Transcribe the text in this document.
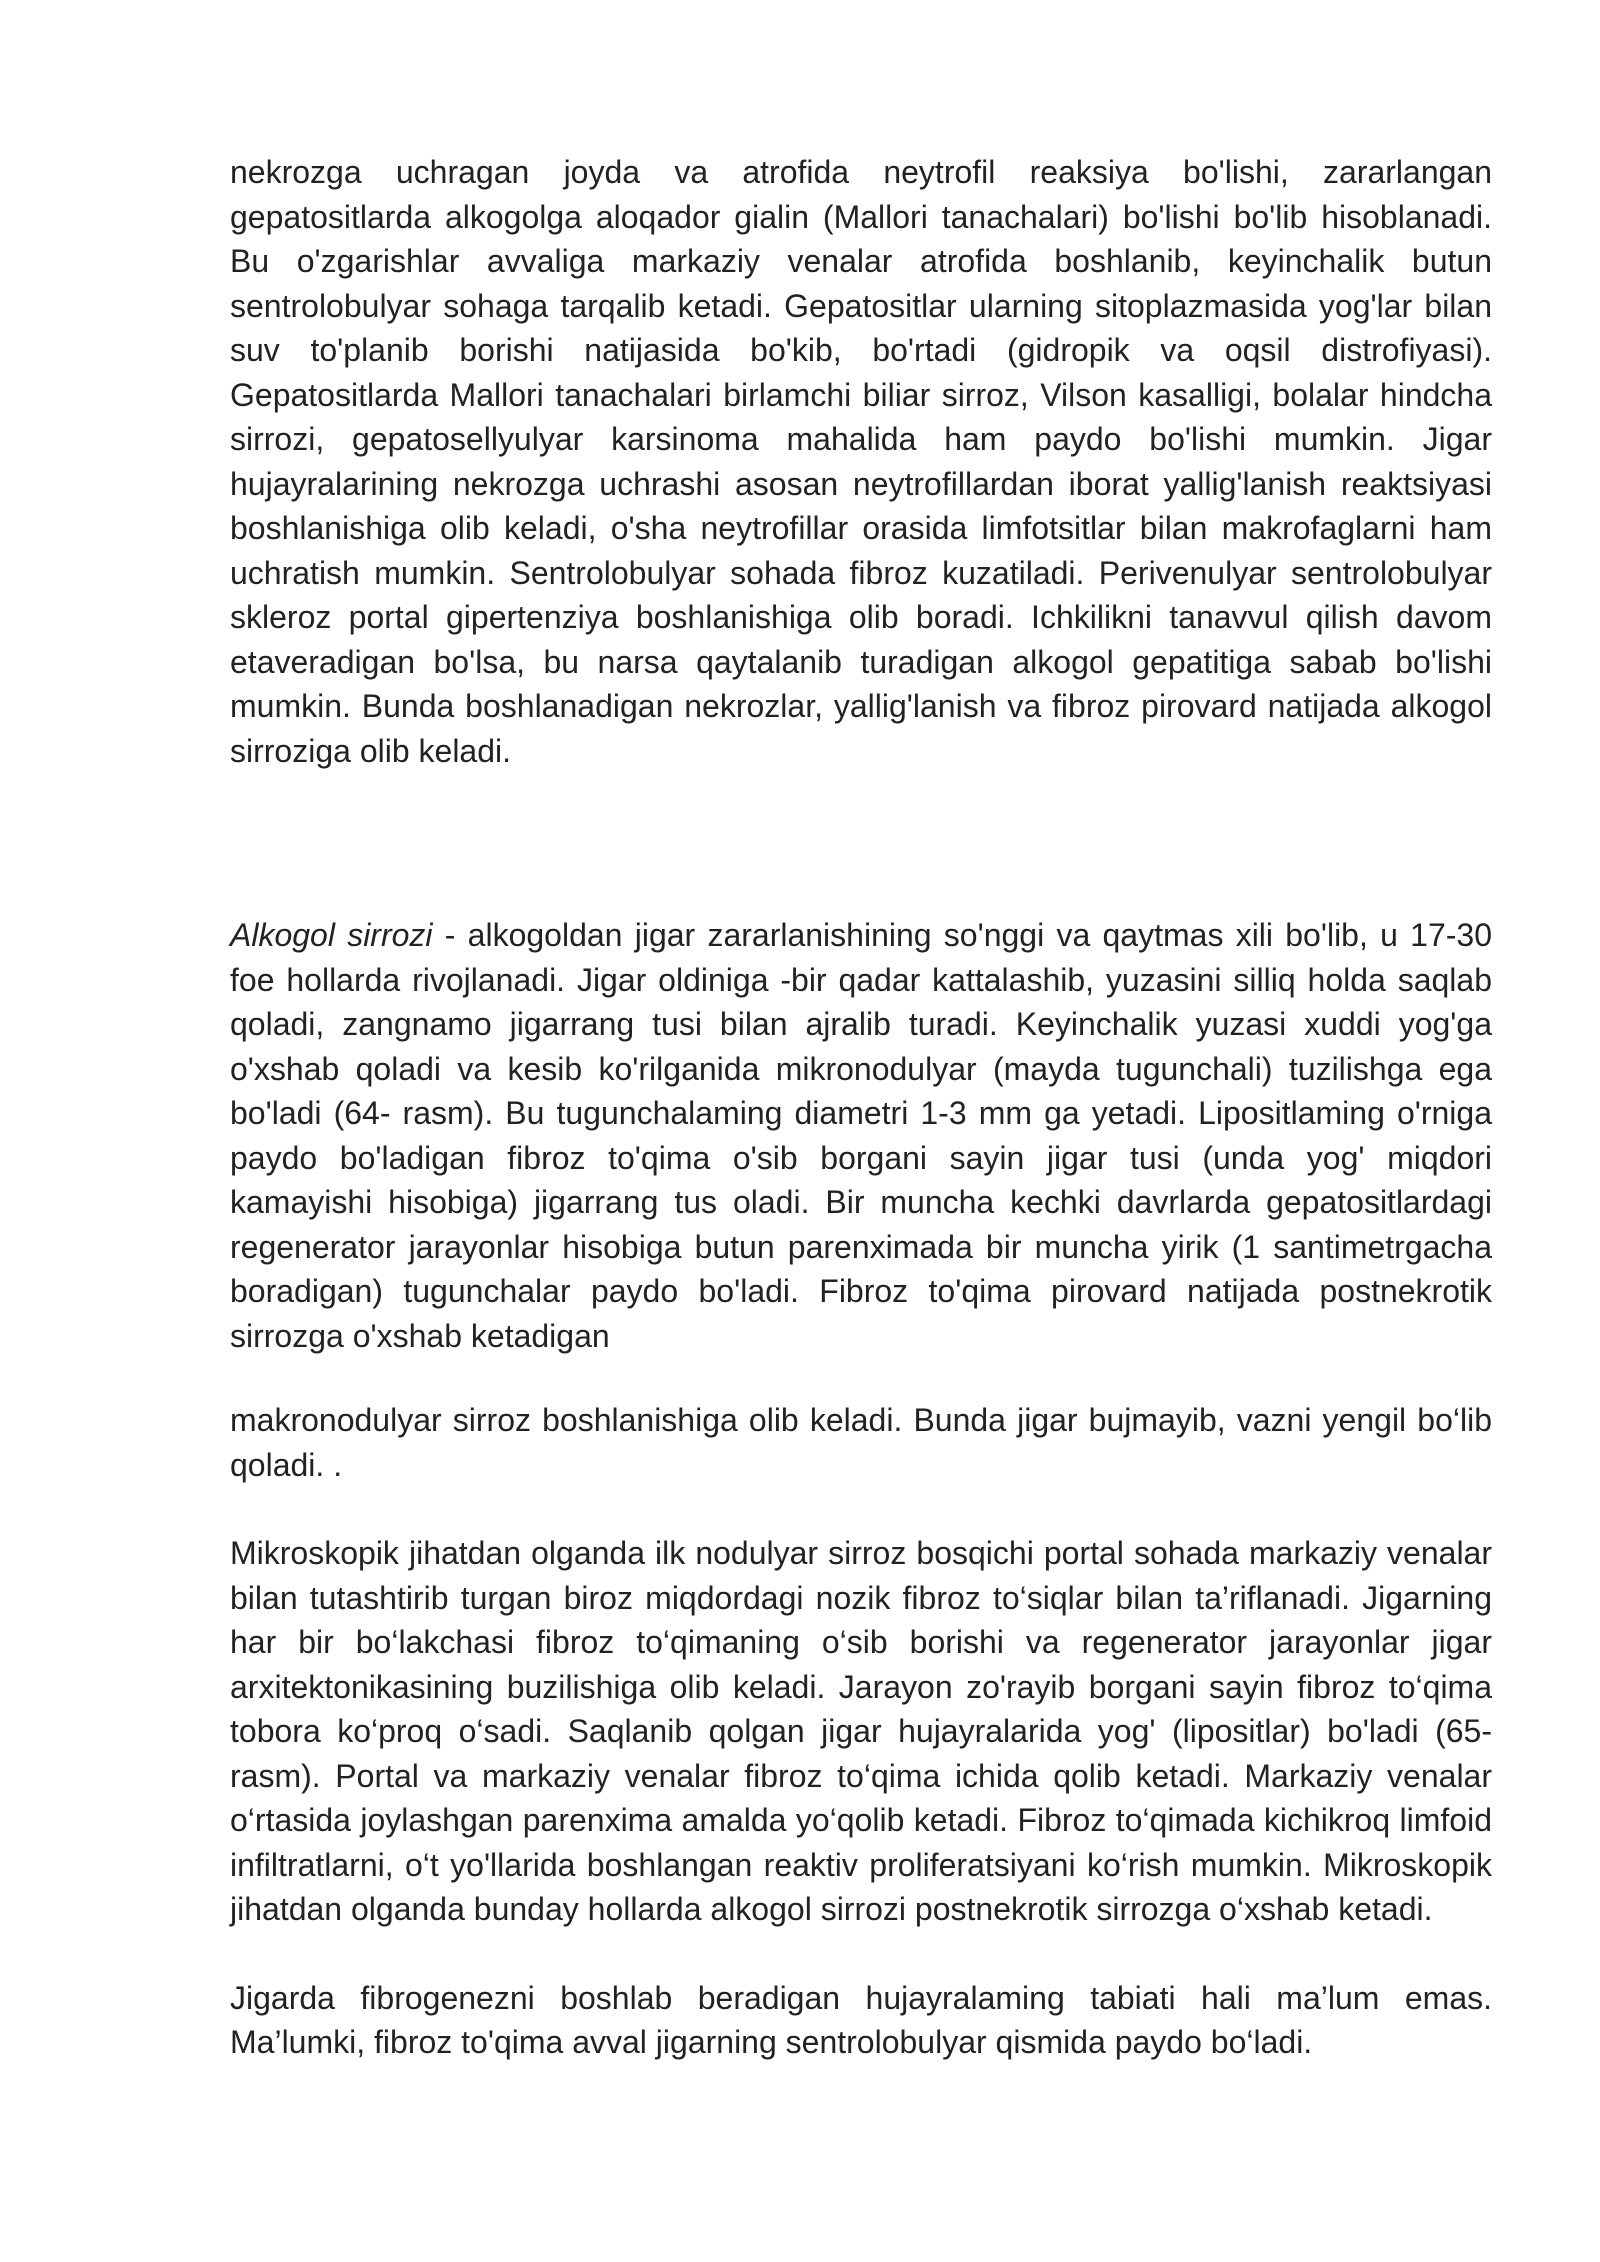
nekrozga uchragan joyda va atrofida neytrofil reaksiya bo'lishi, zararlangan gepatositlarda alkogolga aloqador gialin (Mallori tanachalari) bo'lishi bo'lib hisoblanadi. Bu o'zgarishlar avvaliga markaziy venalar atrofida boshlanib, keyinchalik butun sentrolobulyar sohaga tarqalib ketadi. Gepatositlar ularning sitoplazmasida yog'lar bilan suv to'planib borishi natijasida bo'kib, bo'rtadi (gidropik va oqsil distrofiyasi). Gepatositlarda Mallori tanachalari birlamchi biliar sirroz, Vilson kasalligi, bolalar hindcha sirrozi, gepatosellyulyar karsinoma mahalida ham paydo bo'lishi mumkin. Jigar hujayralarining nekrozga uchrashi asosan neytrofillardan iborat yallig'lanish reaktsiyasi boshlanishiga olib keladi, o'sha neytrofillar orasida limfotsitlar bilan makrofaglarni ham uchratish mumkin. Sentrolobulyar sohada fibroz kuzatiladi. Perivenulyar sentrolobulyar skleroz portal gipertenziya boshlanishiga olib boradi. Ichkilikni tanavvul qilish davom etaveradigan bo'lsa, bu narsa qaytalanib turadigan alkogol gepatitiga sabab bo'lishi mumkin. Bunda boshlanadigan nekrozlar, yallig'lanish va fibroz pirovard natijada alkogol sirroziga olib keladi.

Alkogol sirrozi - alkogoldan jigar zararlanishining so'nggi va qaytmas xili bo'lib, u 17-30 foe hollarda rivojlanadi. Jigar oldiniga -bir qadar kattalashib, yuzasini silliq holda saqlab qoladi, zangnamo jigarrang tusi bilan ajralib turadi. Keyinchalik yuzasi xuddi yog'ga o'xshab qoladi va kesib ko'rilganida mikronodulyar (mayda tugunchali) tuzilishga ega bo'ladi (64- rasm). Bu tugunchalaming diametri 1-3 mm ga yetadi. Lipositlaming o'rniga paydo bo'ladigan fibroz to'qima o'sib borgani sayin jigar tusi (unda yog' miqdori kamayishi hisobiga) jigarrang tus oladi. Bir muncha kechki davrlarda gepatositlardagi regenerator jarayonlar hisobiga butun parenximada bir muncha yirik (1 santimetrgacha boradigan) tugunchalar paydo bo'ladi. Fibroz to'qima pirovard natijada postnekrotik sirrozga o'xshab ketadigan

makronodulyar sirroz boshlanishiga olib keladi. Bunda jigar bujmayib, vazni yengil bo‘lib qoladi. .

Mikroskopik jihatdan olganda ilk nodulyar sirroz bosqichi portal sohada markaziy venalar bilan tutashtirib turgan biroz miqdordagi nozik fibroz to‘siqlar bilan ta’riflanadi. Jigarning har bir bo‘lakchasi fibroz to‘qimaning o‘sib borishi va regenerator jarayonlar jigar arxitektonikasining buzilishiga olib keladi. Jarayon zo'rayib borgani sayin fibroz to‘qima tobora ko‘proq o‘sadi. Saqlanib qolgan jigar hujayralarida yog' (lipositlar) bo'ladi (65-rasm). Portal va markaziy venalar fibroz to‘qima ichida qolib ketadi. Markaziy venalar o‘rtasida joylashgan parenxima amalda yo‘qolib ketadi. Fibroz to‘qimada kichikroq limfoid infiltratlarni, o‘t yo'llarida boshlangan reaktiv proliferatsiyani ko‘rish mumkin. Mikroskopik jihatdan olganda bunday hollarda alkogol sirrozi postnekrotik sirrozga o‘xshab ketadi.

Jigarda fibrogenezni boshlab beradigan hujayralaming tabiati hali ma’lum emas. Ma’lumki, fibroz to'qima avval jigarning sentrolobulyar qismida paydo bo‘ladi.
